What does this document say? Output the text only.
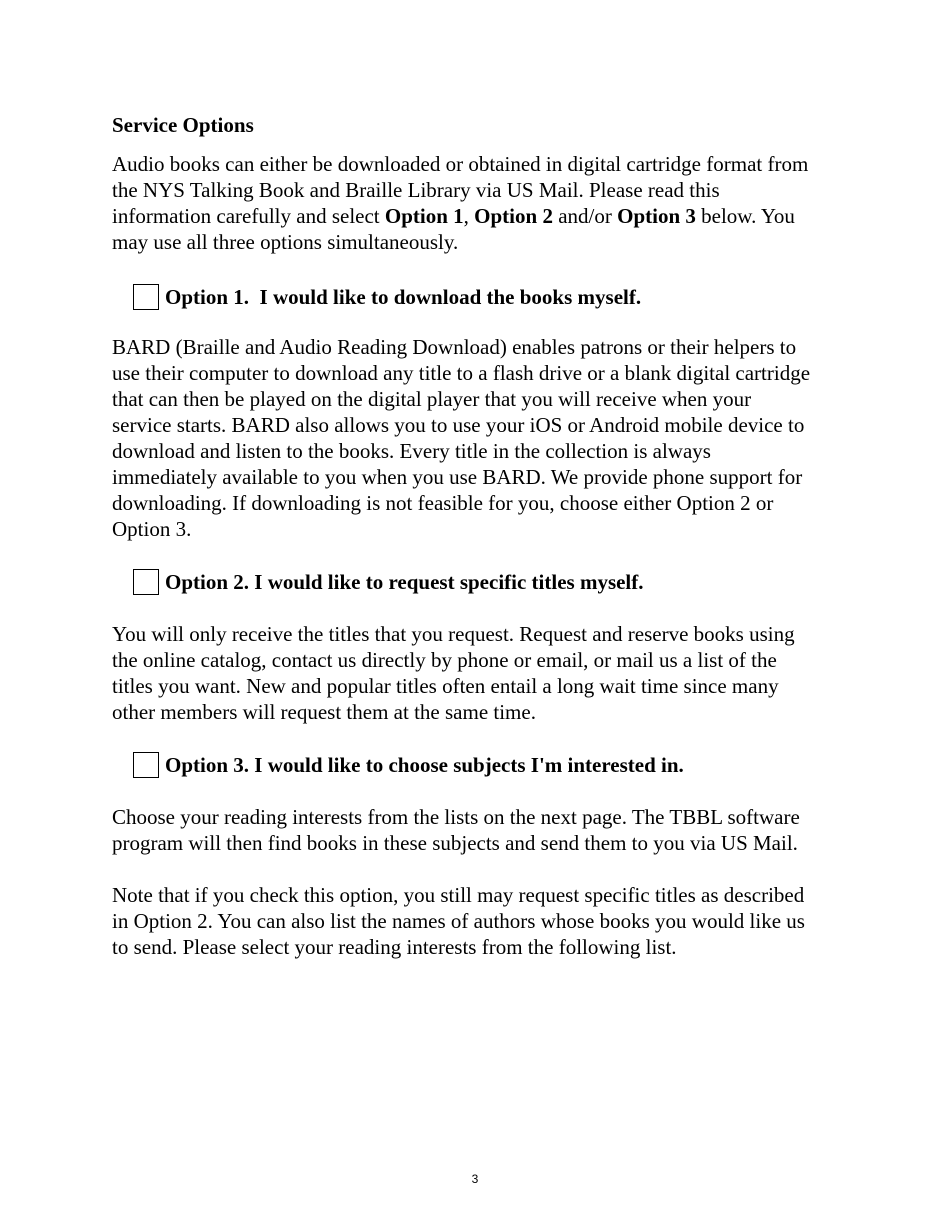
Service Options
Audio books can either be downloaded or obtained in digital cartridge format from
the NYS Talking Book and Braille Library via US Mail. Please read this
information carefully and select Option 1, Option 2 and/or Option 3 below. You
may use all three options simultaneously.
Option 1.  I would like to download the books myself.
BARD (Braille and Audio Reading Download) enables patrons or their helpers to
use their computer to download any title to a flash drive or a blank digital cartridge
that can then be played on the digital player that you will receive when your
service starts. BARD also allows you to use your iOS or Android mobile device to
download and listen to the books. Every title in the collection is always
immediately available to you when you use BARD. We provide phone support for
downloading. If downloading is not feasible for you, choose either Option 2 or
Option 3.
Option 2. I would like to request specific titles myself.
You will only receive the titles that you request. Request and reserve books using
the online catalog, contact us directly by phone or email, or mail us a list of the
titles you want. New and popular titles often entail a long wait time since many
other members will request them at the same time.
Option 3. I would like to choose subjects I'm interested in.
Choose your reading interests from the lists on the next page. The TBBL software
program will then find books in these subjects and send them to you via US Mail.
Note that if you check this option, you still may request specific titles as described
in Option 2. You can also list the names of authors whose books you would like us
to send. Please select your reading interests from the following list.
3
